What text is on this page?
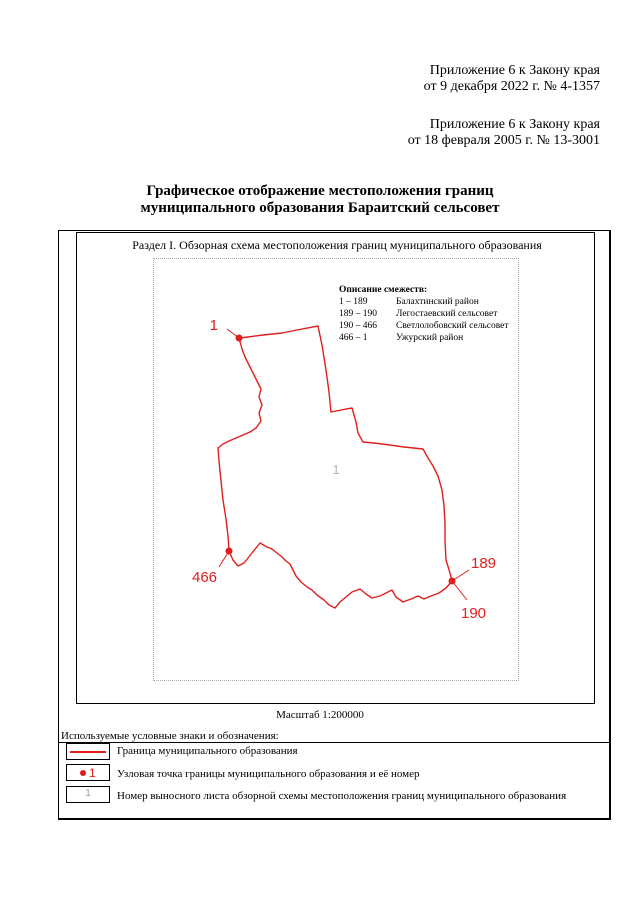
Приложение 6 к Закону края
от 9 декабря 2022 г. № 4-1357
Приложение 6 к Закону края
от 18 февраля 2005 г. № 13-3001
Графическое отображение местоположения границ
муниципального образования Бараитский сельсовет
Раздел I. Обзорная схема местоположения границ муниципального образования
1
466
189
190
1
Описание смежеств:
1 – 189	Балахтинский район
189 – 190 Легостаевский сельсовет
190 – 466 Светлолобовский сельсовет
466 – 1	Ужурский район
Масштаб 1:200000
Используемые условные знаки и обозначения:
Граница муниципального образования
1 Узловая точка границы муниципального образования и её номер
1	Номер выносного листа обзорной схемы местоположения границ муниципального образования
